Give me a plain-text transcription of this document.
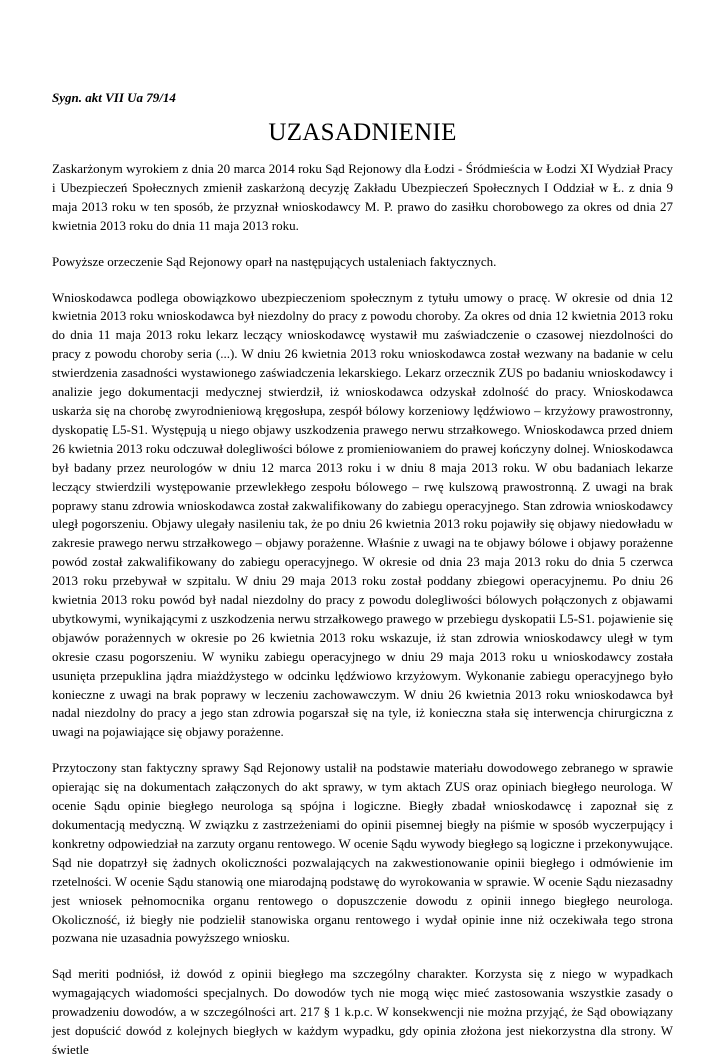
Sygn. akt VII Ua 79/14
UZASADNIENIE

Zaskarżonym wyrokiem z dnia 20 marca 2014 roku Sąd Rejonowy dla Łodzi - Śródmieścia w Łodzi XI Wydział Pracy i Ubezpieczeń Społecznych zmienił zaskarżoną decyzję Zakładu Ubezpieczeń Społecznych I Oddział w Ł. z dnia 9 maja 2013 roku w ten sposób, że przyznał wnioskodawcy M. P. prawo do zasiłku chorobowego za okres od dnia 27 kwietnia 2013 roku do dnia 11 maja 2013 roku.

Powyższe orzeczenie Sąd Rejonowy oparł na następujących ustaleniach faktycznych.

Wnioskodawca podlega obowiązkowo ubezpieczeniom społecznym z tytułu umowy o pracę. W okresie od dnia 12 kwietnia 2013 roku wnioskodawca był niezdolny do pracy z powodu choroby. Za okres od dnia 12 kwietnia 2013 roku do dnia 11 maja 2013 roku lekarz leczący wnioskodawcę wystawił mu zaświadczenie o czasowej niezdolności do pracy z powodu choroby seria (...). W dniu 26 kwietnia 2013 roku wnioskodawca został wezwany na badanie w celu stwierdzenia zasadności wystawionego zaświadczenia lekarskiego. Lekarz orzecznik ZUS po badaniu wnioskodawcy i analizie jego dokumentacji medycznej stwierdził, iż wnioskodawca odzyskał zdolność do pracy. Wnioskodawca uskarża się na chorobę zwyrodnieniową kręgosłupa, zespół bólowy korzeniowy lędźwiowo – krzyżowy prawostronny, dyskopatię L5-S1. Występują u niego objawy uszkodzenia prawego nerwu strzałkowego. Wnioskodawca przed dniem 26 kwietnia 2013 roku odczuwał dolegliwości bólowe z promieniowaniem do prawej kończyny dolnej. Wnioskodawca był badany przez neurologów w dniu 12 marca 2013 roku i w dniu 8 maja 2013 roku. W obu badaniach lekarze leczący stwierdzili występowanie przewlekłego zespołu bólowego – rwę kulszową prawostronną. Z uwagi na brak poprawy stanu zdrowia wnioskodawca został zakwalifikowany do zabiegu operacyjnego. Stan zdrowia wnioskodawcy uległ pogorszeniu. Objawy ulegały nasileniu tak, że po dniu 26 kwietnia 2013 roku pojawiły się objawy niedowładu w zakresie prawego nerwu strzałkowego – objawy porażenne. Właśnie z uwagi na te objawy bólowe i objawy porażenne powód został zakwalifikowany do zabiegu operacyjnego. W okresie od dnia 23 maja 2013 roku do dnia 5 czerwca 2013 roku przebywał w szpitalu. W dniu 29 maja 2013 roku został poddany zbiegowi operacyjnemu. Po dniu 26 kwietnia 2013 roku powód był nadal niezdolny do pracy z powodu dolegliwości bólowych połączonych z objawami ubytkowymi, wynikającymi z uszkodzenia nerwu strzałkowego prawego w przebiegu dyskopatii L5-S1. pojawienie się objawów porażennych w okresie po 26 kwietnia 2013 roku wskazuje, iż stan zdrowia wnioskodawcy uległ w tym okresie czasu pogorszeniu. W wyniku zabiegu operacyjnego w dniu 29 maja 2013 roku u wnioskodawcy została usunięta przepuklina jądra miażdżystego w odcinku lędźwiowo krzyżowym. Wykonanie zabiegu operacyjnego było konieczne z uwagi na brak poprawy w leczeniu zachowawczym. W dniu 26 kwietnia 2013 roku wnioskodawca był nadal niezdolny do pracy a jego stan zdrowia pogarszał się na tyle, iż konieczna stała się interwencja chirurgiczna z uwagi na pojawiające się objawy porażenne.

Przytoczony stan faktyczny sprawy Sąd Rejonowy ustalił na podstawie materiału dowodowego zebranego w sprawie opierając się na dokumentach załączonych do akt sprawy, w tym aktach ZUS oraz opiniach biegłego neurologa. W ocenie Sądu opinie biegłego neurologa są spójna i logiczne. Biegły zbadał wnioskodawcę i zapoznał się z dokumentacją medyczną. W związku z zastrzeżeniami do opinii pisemnej biegły na piśmie w sposób wyczerpujący i konkretny odpowiedział na zarzuty organu rentowego. W ocenie Sądu wywody biegłego są logiczne i przekonywujące. Sąd nie dopatrzył się żadnych okoliczności pozwalających na zakwestionowanie opinii biegłego i odmówienie im rzetelności. W ocenie Sądu stanowią one miarodajną podstawę do wyrokowania w sprawie. W ocenie Sądu niezasadny jest wniosek pełnomocnika organu rentowego o dopuszczenie dowodu z opinii innego biegłego neurologa. Okoliczność, iż biegły nie podzielił stanowiska organu rentowego i wydał opinie inne niż oczekiwała tego strona pozwana nie uzasadnia powyższego wniosku.

Sąd meriti podniósł, iż dowód z opinii biegłego ma szczególny charakter. Korzysta się z niego w wypadkach wymagających wiadomości specjalnych. Do dowodów tych nie mogą więc mieć zastosowania wszystkie zasady o prowadzeniu dowodów, a w szczególności art. 217 § 1 k.p.c. W konsekwencji nie można przyjąć, że Sąd obowiązany jest dopuścić dowód z kolejnych biegłych w każdym wypadku, gdy opinia złożona jest niekorzystna dla strony. W świetle
